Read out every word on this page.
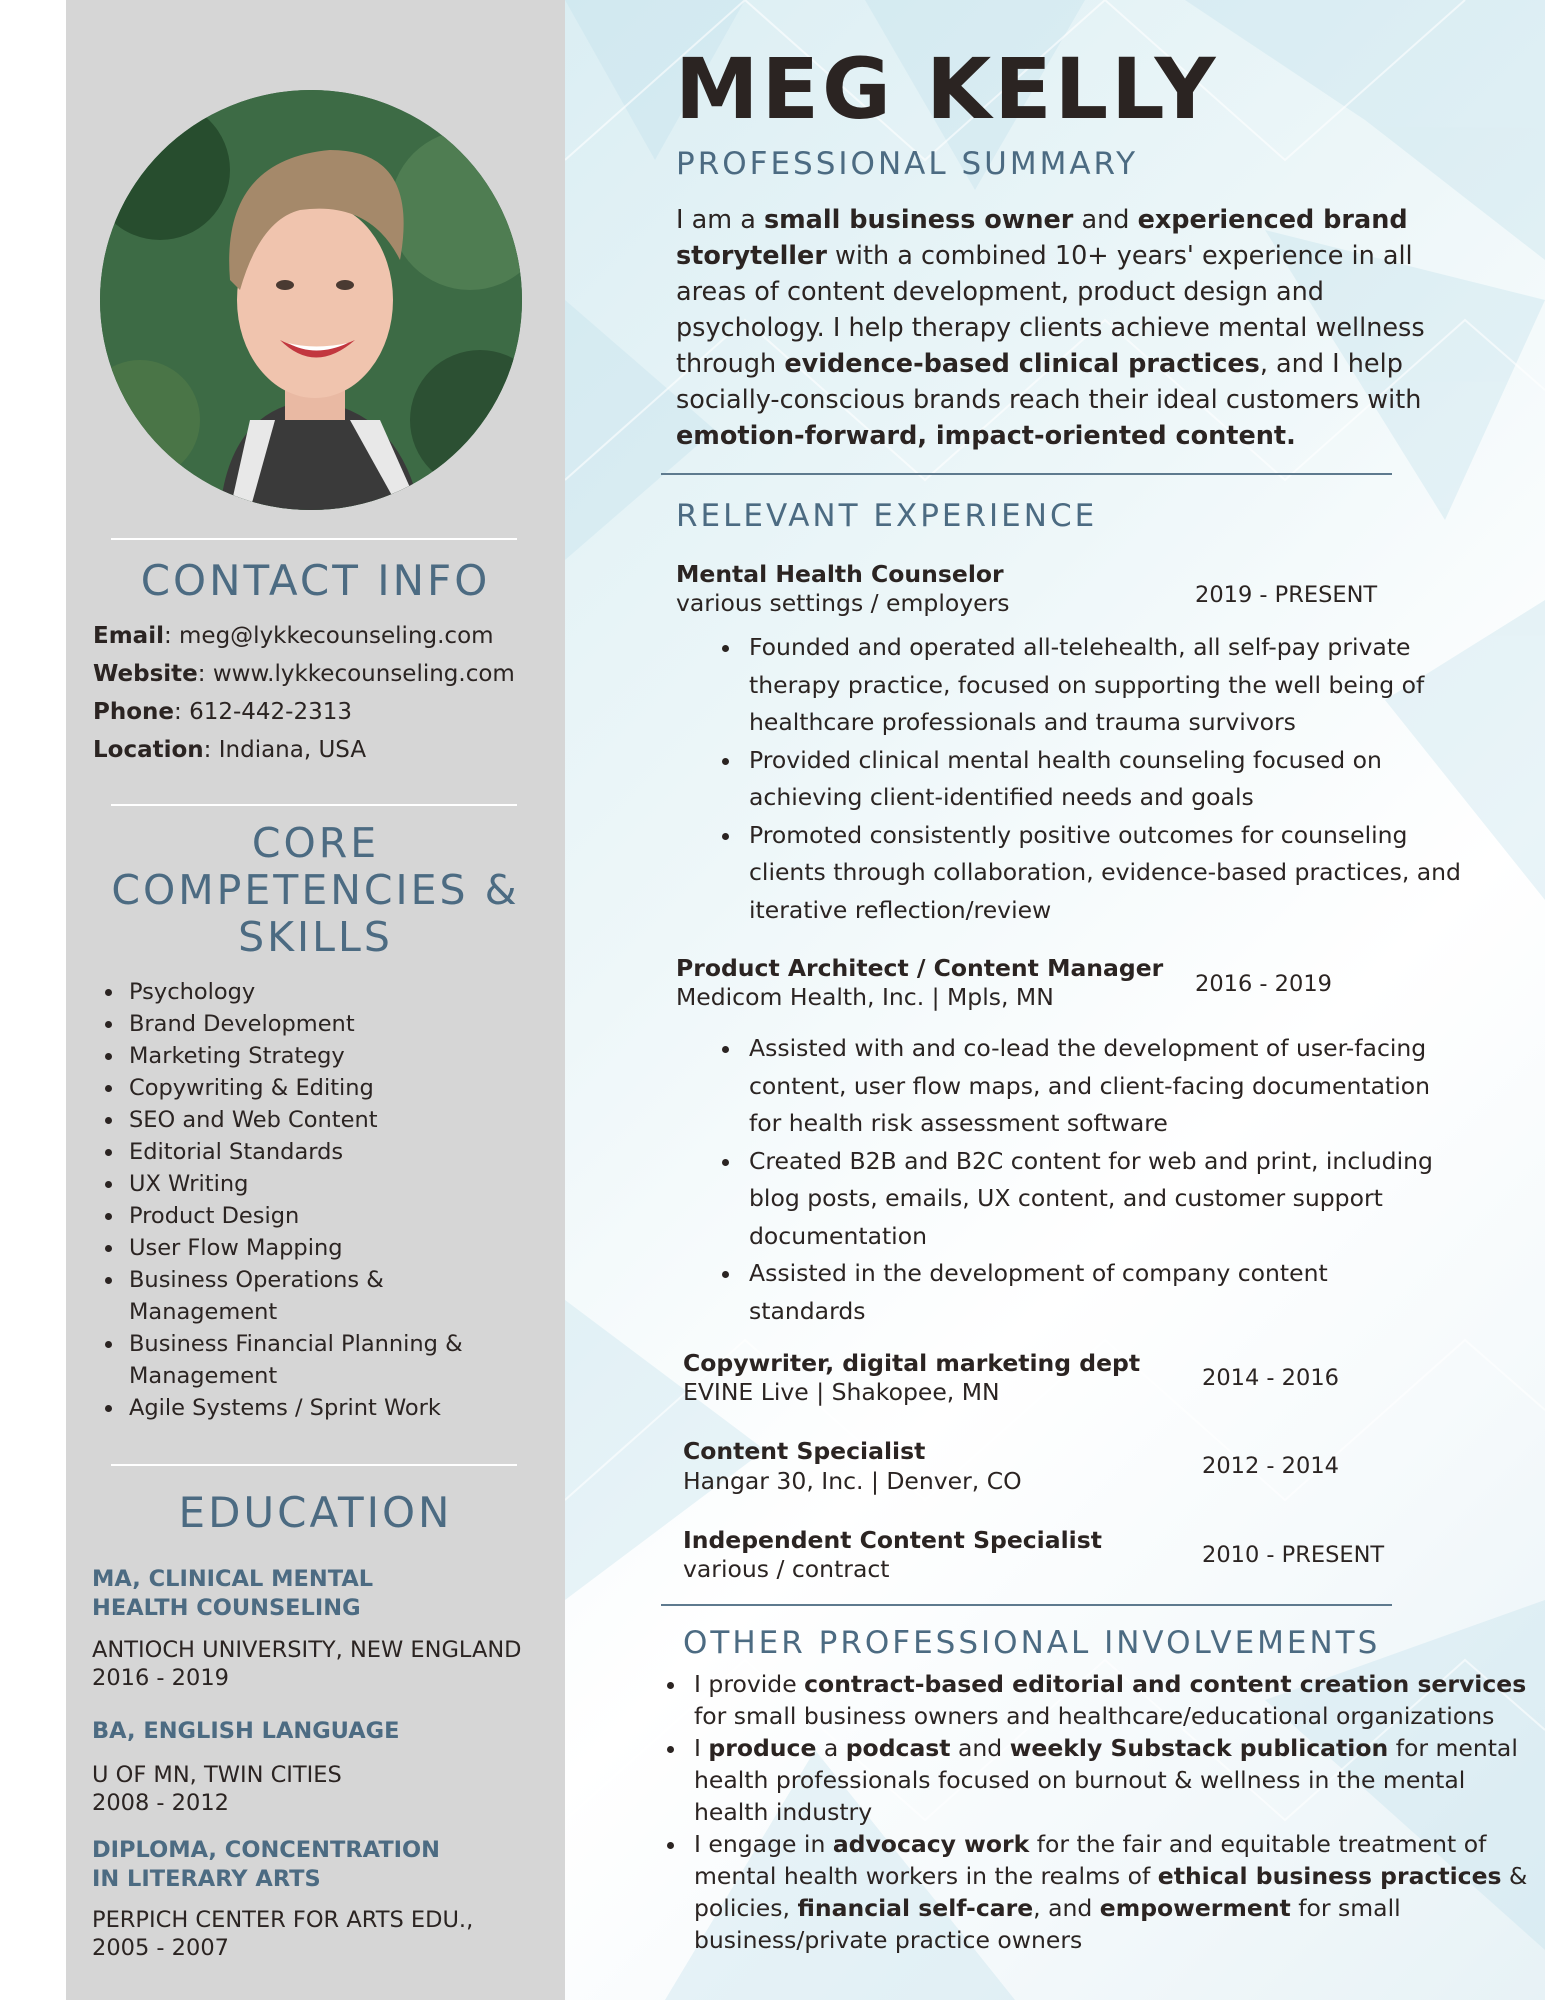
CONTACT INFO
Email: meg@lykkecounseling.com
Website: www.lykkecounseling.com
Phone: 612-442-2313
Location: Indiana, USA
CORE
COMPETENCIES &
SKILLS
• Psychology
• Brand Development
• Marketing Strategy
• Copywriting & Editing
• SEO and Web Content
• Editorial Standards
• UX Writing
• Product Design
• User Flow Mapping
• Business Operations & Management
• Business Financial Planning & Management
• Agile Systems / Sprint Work
EDUCATION
MA, CLINICAL MENTAL HEALTH COUNSELING
ANTIOCH UNIVERSITY, NEW ENGLAND
2016 - 2019
BA, ENGLISH LANGUAGE
U OF MN, TWIN CITIES
2008 - 2012
DIPLOMA, CONCENTRATION IN LITERARY ARTS
PERPICH CENTER FOR ARTS EDU.,
2005 - 2007
MEG KELLY
PROFESSIONAL SUMMARY
I am a small business owner and experienced brand storyteller with a combined 10+ years' experience in all areas of content development, product design and psychology. I help therapy clients achieve mental wellness through evidence-based clinical practices, and I help socially-conscious brands reach their ideal customers with emotion-forward, impact-oriented content.
RELEVANT EXPERIENCE
Mental Health Counselor
various settings / employers	2019 - PRESENT
• Founded and operated all-telehealth, all self-pay private therapy practice, focused on supporting the well being of healthcare professionals and trauma survivors
• Provided clinical mental health counseling focused on achieving client-identified needs and goals
• Promoted consistently positive outcomes for counseling clients through collaboration, evidence-based practices, and iterative reflection/review
Product Architect / Content Manager
Medicom Health, Inc. | Mpls, MN	2016 - 2019
• Assisted with and co-lead the development of user-facing content, user flow maps, and client-facing documentation for health risk assessment software
• Created B2B and B2C content for web and print, including blog posts, emails, UX content, and customer support documentation
• Assisted in the development of company content standards
Copywriter, digital marketing dept
EVINE Live | Shakopee, MN	2014 - 2016
Content Specialist
Hangar 30, Inc. | Denver, CO
2012 - 2014
Independent Content Specialist
various / contract	2010 - PRESENT
OTHER PROFESSIONAL INVOLVEMENTS
• I provide contract-based editorial and content creation services for small business owners and healthcare/educational organizations
• I produce a podcast and weekly Substack publication for mental health professionals focused on burnout & wellness in the mental health industry
• I engage in advocacy work for the fair and equitable treatment of mental health workers in the realms of ethical business practices & policies, financial self-care, and empowerment for small business/private practice owners
